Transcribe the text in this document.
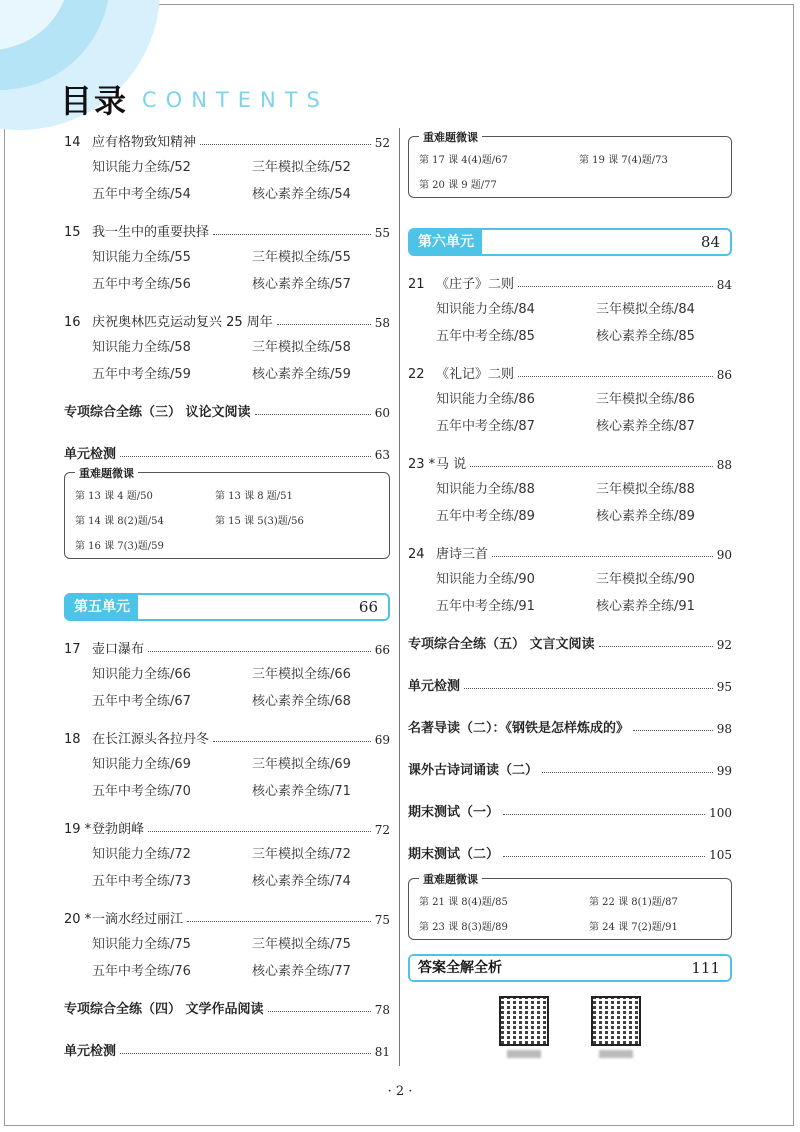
目录 CONTENTS
14 应有格物致知精神	52
知识能力全练/52	三年模拟全练/52
五年中考全练/54	核心素养全练/54
15 我一生中的重要抉择	55
知识能力全练/55	三年模拟全练/55
五年中考全练/56	核心素养全练/57
16 庆祝奥林匹克运动复兴 25 周年	58
知识能力全练/58	三年模拟全练/58
五年中考全练/59	核心素养全练/59
专项综合全练（三） 议论文阅读	60
单元检测	63
重难题微课
第 13 课 4 题/50	第 13 课 8 题/51
第 14 课 8(2)题/54	第 15 课 5(3)题/56
第 16 课 7(3)题/59
第五单元	66
17 壶口瀑布	66
知识能力全练/66	三年模拟全练/66
五年中考全练/67	核心素养全练/68
18 在长江源头各拉丹冬	69
知识能力全练/69	三年模拟全练/69
五年中考全练/70	核心素养全练/71
19 * 登勃朗峰	72
知识能力全练/72	三年模拟全练/72
五年中考全练/73	核心素养全练/74
20 * 一滴水经过丽江	75
知识能力全练/75	三年模拟全练/75
五年中考全练/76	核心素养全练/77
专项综合全练（四） 文学作品阅读	78
单元检测	81
重难题微课
第 17 课 4(4)题/67	第 19 课 7(4)题/73
第 20 课 9 题/77
第六单元	84
21 《庄子》二则	84
知识能力全练/84	三年模拟全练/84
五年中考全练/85	核心素养全练/85
22 《礼记》二则	86
知识能力全练/86	三年模拟全练/86
五年中考全练/87	核心素养全练/87
23 * 马 说	88
知识能力全练/88	三年模拟全练/88
五年中考全练/89	核心素养全练/89
24 唐诗三首	90
知识能力全练/90	三年模拟全练/90
五年中考全练/91	核心素养全练/91
专项综合全练（五） 文言文阅读	92
单元检测	95
名著导读（二）：《钢铁是怎样炼成的》	98
课外古诗词诵读（二）	99
期末测试（一）	100
期末测试（二）	105
重难题微课
第 21 课 8(4)题/85	第 22 课 8(1)题/87
第 23 课 8(3)题/89	第 24 课 7(2)题/91
答案全解全析	111
· 2 ·
